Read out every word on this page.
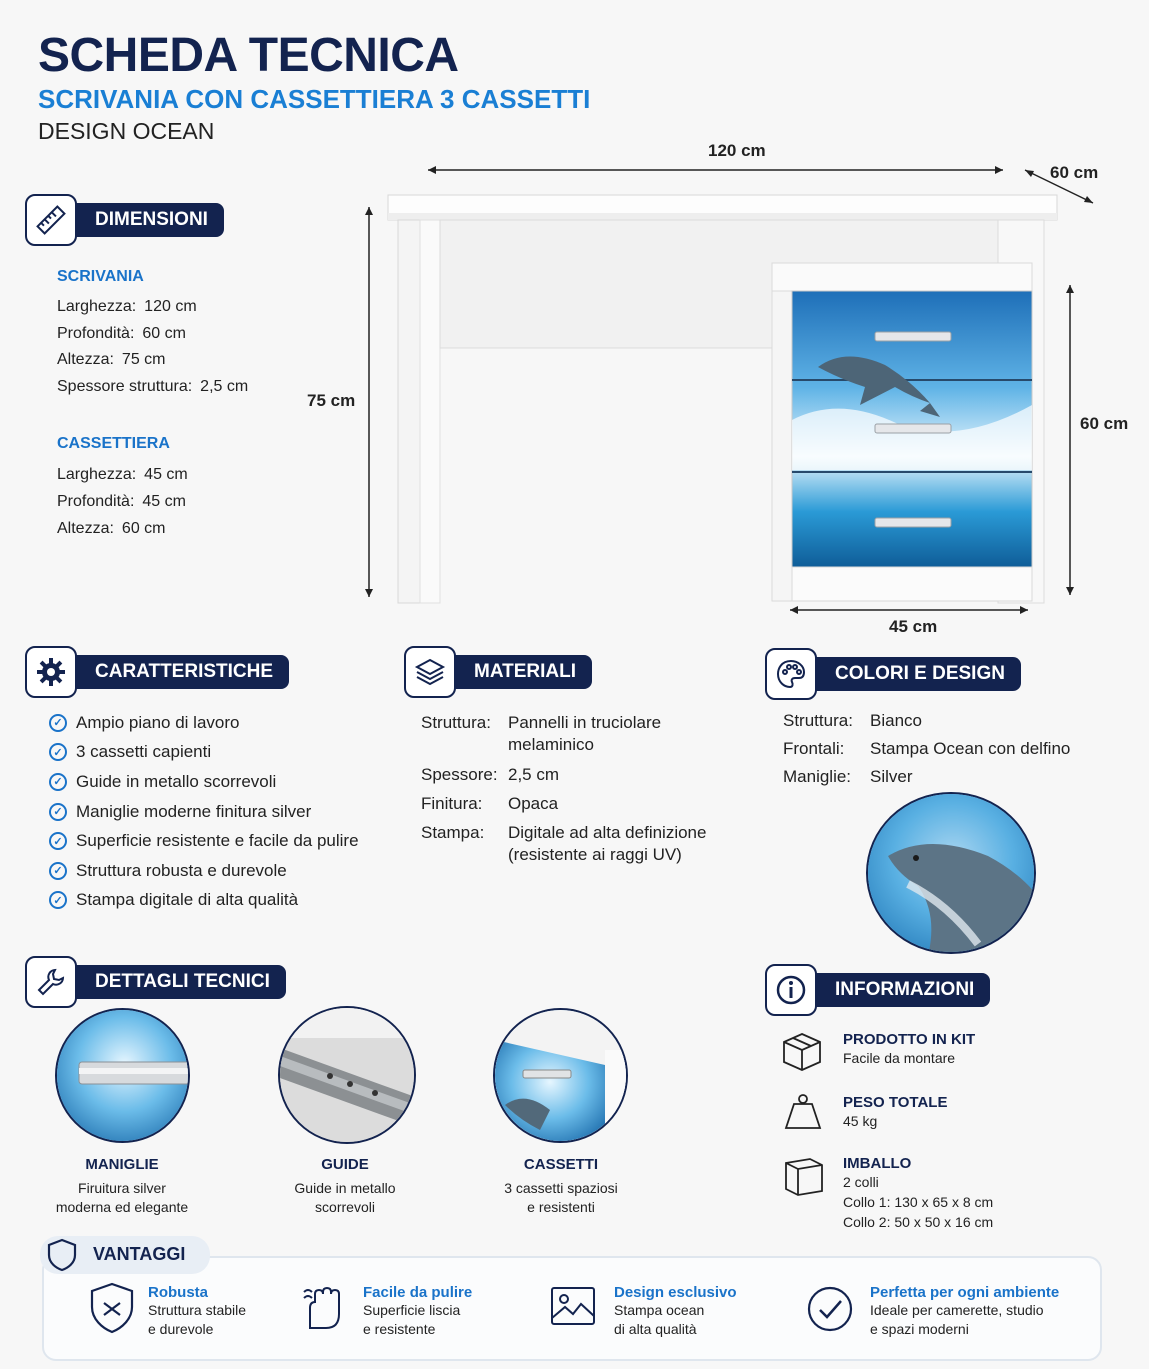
SCHEDA TECNICA
SCRIVANIA CON CASSETTIERA 3 CASSETTI
DESIGN OCEAN
120 cm
60 cm
75 cm
60 cm
45 cm
DIMENSIONI
SCRIVANIA
Larghezza: 120 cm
Profondità: 60 cm
Altezza: 75 cm
Spessore struttura: 2,5 cm
CASSETTIERA
Larghezza: 45 cm
Profondità: 45 cm
Altezza: 60 cm
CARATTERISTICHE
✓ Ampio piano di lavoro
✓ 3 cassetti capienti
✓ Guide in metallo scorrevoli
✓ Maniglie moderne finitura silver
✓ Superficie resistente e facile da pulire
✓ Struttura robusta e durevole
✓ Stampa digitale di alta qualità
MATERIALI
Struttura: Pannelli in truciolare
melaminico
Spessore: 2,5 cm
Finitura: Opaca
Stampa: Digitale ad alta definizione
(resistente ai raggi UV)
COLORI E DESIGN
Struttura: Bianco
Frontali: Stampa Ocean con delfino
Maniglie: Silver
DETTAGLI TECNICI
MANIGLIE
Firuitura silver
moderna ed elegante
GUIDE
Guide in metallo
scorrevoli
CASSETTI
3 cassetti spaziosi
e resistenti
INFORMAZIONI
PRODOTTO IN KIT
Facile da montare
PESO TOTALE
45 kg
IMBALLO
2 colli
Collo 1: 130 x 65 x 8 cm
Collo 2: 50 x 50 x 16 cm
VANTAGGI
Robusta
Struttura stabile
e durevole
Facile da pulire
Superficie liscia
e resistente
Design esclusivo
Stampa ocean
di alta qualità
Perfetta per ogni ambiente
Ideale per camerette, studio
e spazi moderni
